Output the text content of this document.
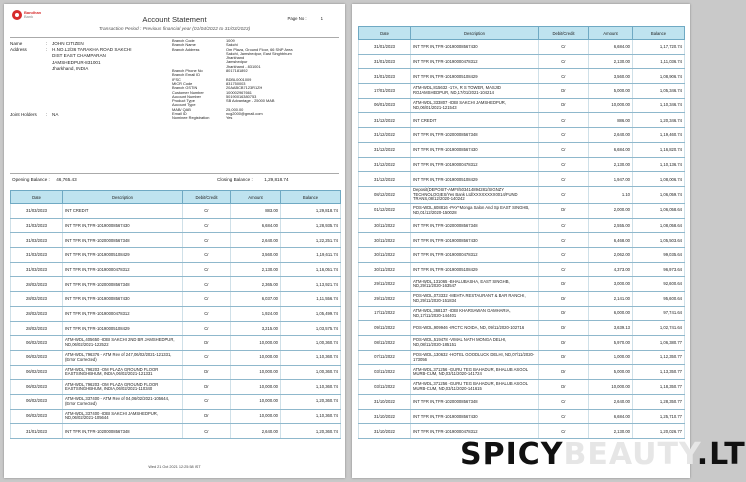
Bandhan
Bank	Account Statement	Page No :	1
Transaction Period : Previous financial year (01/04/2022 to 31/03/2023)
Name	:	JOHN CITIZEN
Address	:	H.NO.L2/36 TARAKHA ROAD SAKCHI
DIST EAST CHAMPARAN
JAMSHEDPUR-831001
Jharkhand, INDIA
Joint Holders	:	NA
Branch Code	1009
Branch Name	Sakchi
Branch Address	Om Plaza, Ground Floor, 66 SNP Area
Sakchi, Jamshedpur, East Singhbhum
Jharkhand
Jamshedpur
Jharkhand - 831001
Branch Phone No	8017181892
Branch Email ID
IFSC	BDBL0001009
MICR Code	831750003
Branch GSTIN	20AABCB7123R1ZH
Customer Number	100002967661
Account Number	50190016380753
Product Type	SB Advantage - 25000 MAB
Account Type
MAB/ QAB	25,000.00
Email ID	ncg2000@gmail.com
Nominee Registration	Yes
Opening Balance : 46,765.43	Closing Balance :	1,29,818.74
Date	Description	Debit/Credit	Amount	Balance
31/03/2023	INT CREDIT	Cr	883.00	1,29,818.74
31/03/2023	INT TFR IN,TFR-10190008567430	Cr	6,684.00	1,28,935.74
31/03/2023	INT TFR IN,TFR-10200008567348	Cr	2,640.00	1,22,251.74
31/03/2023	INT TFR IN,TFR-10190005108429	Cr	3,560.00	1,19,611.74
31/03/2023	INT TFR IN,TFR-10190000478312	Cr	2,130.00	1,16,051.74
28/02/2023	INT TFR IN,TFR-10200008567348	Cr	2,365.00	1,13,921.74
28/02/2023	INT TFR IN,TFR-10190008567430	Cr	6,037.00	1,11,556.74
28/02/2023	INT TFR IN,TFR-10190000478312	Cr	1,924.00	1,05,499.74
28/02/2023	INT TFR IN,TFR-10190005108429	Cr	3,215.00	1,03,575.74
06/02/2023	ATM-WDL,405650 -IDBI SAKCHI 2ND BR JAMSHEDPUR, ND,06/02/2021-122522	Dr	10,000.00	1,00,360.74
06/02/2023	ATM-WDL,796376 - ATM Rev of 247,06/02/2021-121331, (Error Corrected)	Cr	10,000.00	1,10,360.74
06/02/2023	ATM-WDL,796203 -OM PLAZA GROUND FLOOR EASTSINGHBHUM, INDIA,06/02/2021-121331	Dr	10,000.00	1,00,360.74
06/02/2023	ATM-WDL,796203 -OM PLAZA GROUND FLOOR EASTSINGHBHUM, INDIA,06/02/2021-110340	Dr	10,000.00	1,10,360.74
06/02/2023	ATM-WDL,337400 - ATM Rev of 04,06/02/2021-105644, (Error Corrected)	Cr	10,000.00	1,20,360.74
06/02/2023	ATM-WDL,337400 -IDBI SAKCHI JAMSHEDPUR, ND,06/02/2021-105644	Dr	10,000.00	1,10,360.74
31/01/2023	INT TFR IN,TFR-10200008567348	Cr	2,640.00	1,20,360.74
Wed 21 Oct 2021 12:25:58 IST
Date	Description	Debit/Credit	Amount	Balance
31/01/2023	INT TFR IN,TFR-10190008567430	Cr	6,684.00	1,17,720.74
31/01/2023	INT TFR IN,TFR-10190000478312	Cr	2,130.00	1,11,036.74
31/01/2023	INT TFR IN,TFR-10190005108429	Cr	3,560.00	1,08,906.74
17/01/2023	ATM-WDL,815632 -17A, R S TOWER, MASJID ROJAMSHEDPUR, ND,17/01/2021-104214	Dr	5,000.00	1,05,346.74
06/01/2023	ATM-WDL,333807 -IDBI SAKCHI JAMSHEDPUR, ND,06/01/2021-121543	Dr	10,000.00	1,10,346.74
31/12/2022	INT CREDIT	Cr	886.00	1,20,346.74
31/12/2022	INT TFR IN,TFR-10200008567348	Cr	2,640.00	1,19,460.74
31/12/2022	INT TFR IN,TFR-10190008567430	Cr	6,684.00	1,16,820.74
31/12/2022	INT TFR IN,TFR-10190000478312	Cr	2,130.00	1,10,136.74
31/12/2022	INT TFR IN,TFR-10190005108429	Cr	1,947.00	1,08,006.74
08/12/2022	Deposit(DEPOSIT-AMFI/503414894281/SIGNZY TECHNOLOGIES/Yes Bank Ltd/XXXXXXXX0014/FUND TRANS,08/12/2020-140242	Cr	1.10	1,06,059.74
01/12/2022	POS-WDL,608816 -PAY*Monga Salon And Sp EAST SINGHB, ND,01/12/2020-150028	Dr	2,000.00	1,06,058.64
30/11/2022	INT TFR IN,TFR-10200008567348	Cr	2,555.00	1,08,058.64
30/11/2022	INT TFR IN,TFR-10190008567430	Cr	6,468.00	1,05,503.64
30/11/2022	INT TFR IN,TFR-10190000478312	Cr	2,062.00	99,035.64
30/11/2022	INT TFR IN,TFR-10190005108429	Cr	4,373.00	96,973.64
29/11/2022	ATM-WDL,131065 -BHALUBASHA, EAST SINGHB, ND,29/11/2020-163547	Dr	3,000.00	92,600.64
29/11/2022	POS-WDL,073332 -MEHTA RESTAURANT & BAR RANCHI, ND,29/11/2020-151834	Dr	2,141.00	95,600.64
17/11/2022	ATM-WDL,368137 -IDBI KHARSAWAN GAMHARIA, ND,17/11/2020-144401	Dr	6,000.00	97,741.64
09/11/2022	POS-WDL,909946 -IRCTC NOIDA, ND, 09/11/2020-102716	Dr	3,639.13	1,02,741.64
08/11/2022	POS-WDL,519478 -VIMAL NATH MONGA DELHI, ND,08/11/2020-185151	Dr	5,970.00	1,06,380.77
07/11/2022	POS-WDL,130632 -HOTEL GOODLUCK DELHI, ND,07/11/2020-173056	Dr	1,000.00	1,12,350.77
03/11/2022	ATM-WDL,371256 -GURU TEG BAHADUR, BHALUB ASGOL MURB-CUM, ND,03/11/2020-141724	Dr	5,000.00	1,13,350.77
03/11/2022	ATM-WDL,371256 -GURU TEG BAHADUR, BHALUB ASGOL MURB-CUM, ND,03/11/2020-141615	Dr	10,000.00	1,18,350.77
31/10/2022	INT TFR IN,TFR-10200008567348	Cr	2,640.00	1,28,350.77
31/10/2022	INT TFR IN,TFR-10190008567430	Cr	6,684.00	1,25,710.77
31/10/2022	INT TFR IN,TFR-10190000478312	Cr	2,130.00	1,20,026.77
SPICYBEAUTY.LT
